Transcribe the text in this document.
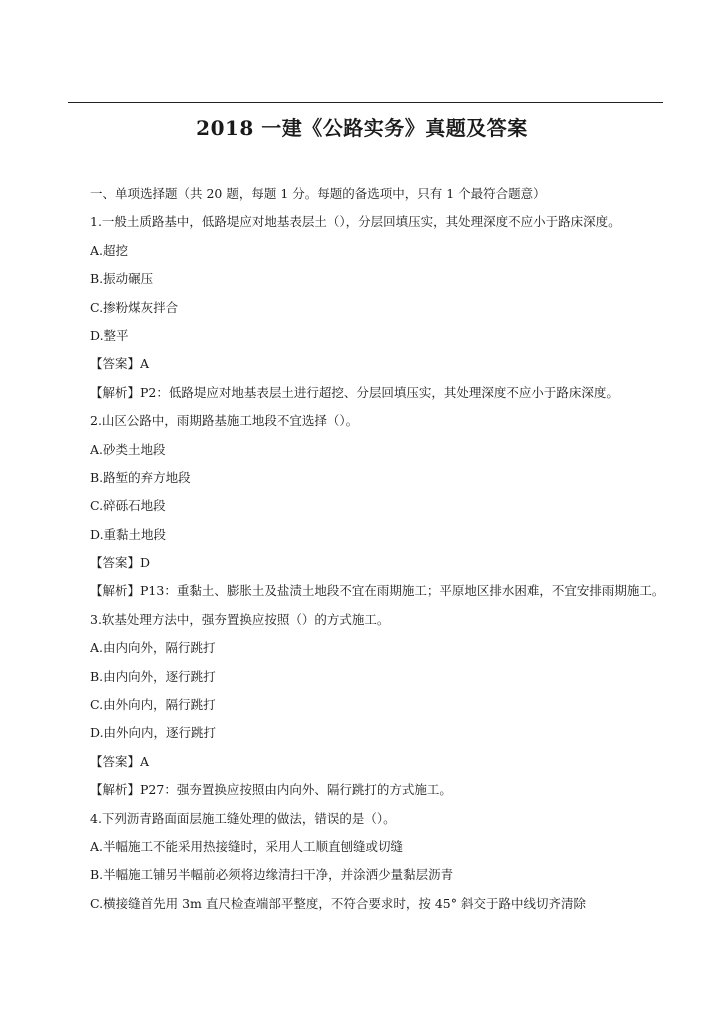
2018 一建《公路实务》真题及答案
一、单项选择题（共 20 题，每题 1 分。每题的备选项中，只有 1 个最符合题意）
1.一般土质路基中，低路堤应对地基表层土（），分层回填压实，其处理深度不应小于路床深度。
A.超挖
B.振动碾压
C.掺粉煤灰拌合
D.整平
【答案】A
【解析】P2：低路堤应对地基表层土进行超挖、分层回填压实，其处理深度不应小于路床深度。
2.山区公路中，雨期路基施工地段不宜选择（）。
A.砂类土地段
B.路堑的弃方地段
C.碎砾石地段
D.重黏土地段
【答案】D
【解析】P13：重黏土、膨胀土及盐渍土地段不宜在雨期施工；平原地区排水困难，不宜安排雨期施工。
3.软基处理方法中，强夯置换应按照（）的方式施工。
A.由内向外，隔行跳打
B.由内向外，逐行跳打
C.由外向内，隔行跳打
D.由外向内，逐行跳打
【答案】A
【解析】P27：强夯置换应按照由内向外、隔行跳打的方式施工。
4.下列沥青路面面层施工缝处理的做法，错误的是（）。
A.半幅施工不能采用热接缝时，采用人工顺直刨缝或切缝
B.半幅施工铺另半幅前必须将边缘清扫干净，并涂洒少量黏层沥青
C.横接缝首先用 3m 直尺检查端部平整度，不符合要求时，按 45° 斜交于路中线切齐清除
